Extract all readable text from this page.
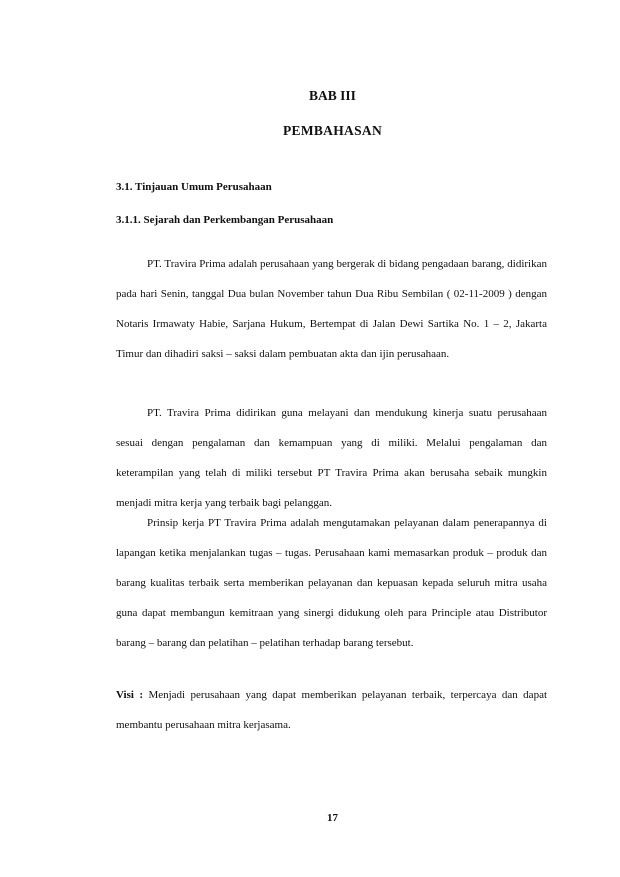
BAB III
PEMBAHASAN
3.1. Tinjauan Umum Perusahaan
3.1.1. Sejarah dan Perkembangan Perusahaan

PT. Travira Prima adalah perusahaan yang bergerak di bidang pengadaan barang, didirikan pada hari Senin, tanggal Dua bulan November tahun Dua Ribu Sembilan ( 02-11-2009 ) dengan Notaris Irmawaty Habie, Sarjana Hukum, Bertempat di Jalan Dewi Sartika No. 1 – 2, Jakarta Timur dan dihadiri saksi – saksi dalam pembuatan akta dan ijin perusahaan.

PT. Travira Prima didirikan guna melayani dan mendukung kinerja suatu perusahaan sesuai dengan pengalaman dan kemampuan yang di miliki. Melalui pengalaman dan keterampilan yang telah di miliki tersebut PT Travira Prima akan berusaha sebaik mungkin menjadi mitra kerja yang terbaik bagi pelanggan.

Prinsip kerja PT Travira Prima adalah mengutamakan pelayanan dalam penerapannya di lapangan ketika menjalankan tugas – tugas. Perusahaan kami memasarkan produk – produk dan barang kualitas terbaik serta memberikan pelayanan dan kepuasan kepada seluruh mitra usaha guna dapat membangun kemitraan yang sinergi didukung oleh para Principle atau Distributor barang – barang dan pelatihan – pelatihan terhadap barang tersebut.

Visi : Menjadi perusahaan yang dapat memberikan pelayanan terbaik, terpercaya dan dapat membantu perusahaan mitra kerjasama.
17
